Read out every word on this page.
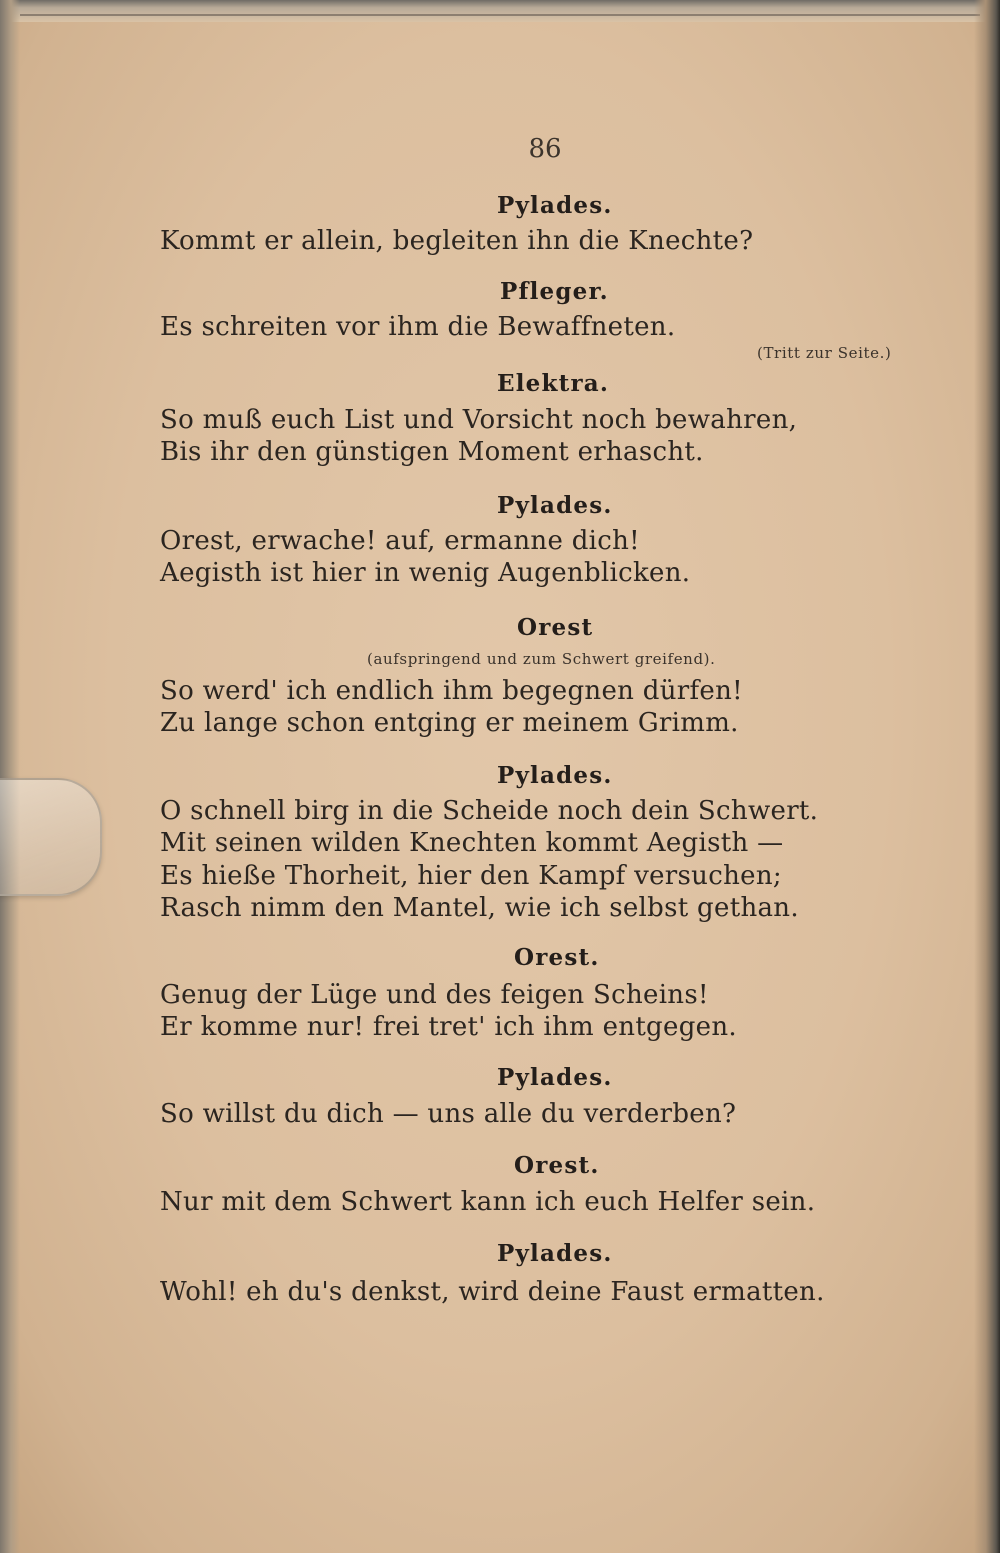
86
Pylades.
Kommt er allein, begleiten ihn die Knechte?
Pfleger.
Es schreiten vor ihm die Bewaffneten.
(Tritt zur Seite.)
Elektra.
So muß euch List und Vorsicht noch bewahren,
Bis ihr den günstigen Moment erhascht.
Pylades.
Orest, erwache! auf, ermanne dich!
Aegisth ist hier in wenig Augenblicken.
Orest
(aufspringend und zum Schwert greifend).
So werd' ich endlich ihm begegnen dürfen!
Zu lange schon entging er meinem Grimm.
Pylades.
O schnell birg in die Scheide noch dein Schwert.
Mit seinen wilden Knechten kommt Aegisth —
Es hieße Thorheit, hier den Kampf versuchen;
Rasch nimm den Mantel, wie ich selbst gethan.
Orest.
Genug der Lüge und des feigen Scheins!
Er komme nur! frei tret' ich ihm entgegen.
Pylades.
So willst du dich — uns alle du verderben?
Orest.
Nur mit dem Schwert kann ich euch Helfer sein.
Pylades.
Wohl! eh du's denkst, wird deine Faust ermatten.
